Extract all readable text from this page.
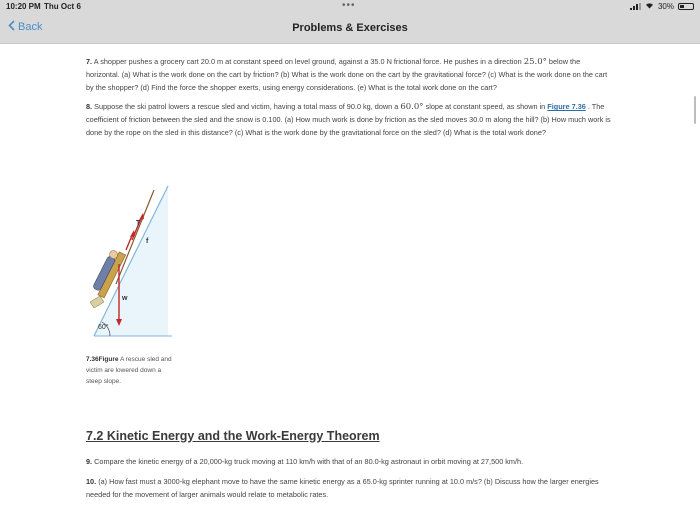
10:20 PM Thu Oct 6	•••	30%
Back	Problems & Exercises

7. A shopper pushes a grocery cart 20.0 m at constant speed on level ground, against a 35.0 N frictional force. He pushes in a direction 25.0° below the horizontal. (a) What is the work done on the cart by friction? (b) What is the work done on the cart by the gravitational force? (c) What is the work done on the cart by the shopper? (d) Find the force the shopper exerts, using energy considerations. (e) What is the total work done on the cart?

8. Suppose the ski patrol lowers a rescue sled and victim, having a total mass of 90.0 kg, down a 60.0° slope at constant speed, as shown in Figure 7.36 . The coefficient of friction between the sled and the snow is 0.100. (a) How much work is done by friction as the sled moves 30.0 m along the hill? (b) How much work is done by the rope on the sled in this distance? (c) What is the work done by the gravitational force on the sled? (d) What is the total work done?

T
f
w
60°
7.36Figure A rescue sled and victim are lowered down a steep slope.
7.2 Kinetic Energy and the Work-Energy Theorem

9. Compare the kinetic energy of a 20,000-kg truck moving at 110 km/h with that of an 80.0-kg astronaut in orbit moving at 27,500 km/h.

10. (a) How fast must a 3000-kg elephant move to have the same kinetic energy as a 65.0-kg sprinter running at 10.0 m/s? (b) Discuss how the larger energies needed for the movement of larger animals would relate to metabolic rates.
